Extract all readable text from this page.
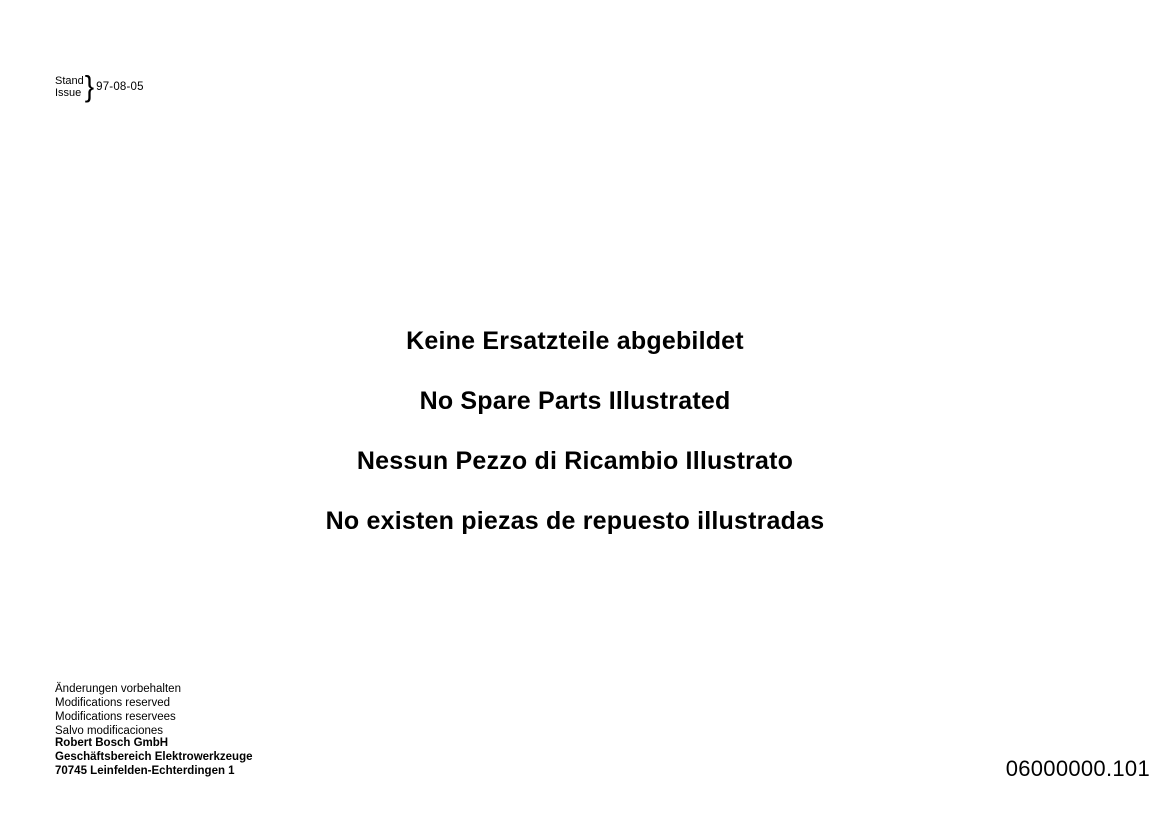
Stand
Issue } 97-08-05
Keine Ersatzteile abgebildet
No Spare Parts Illustrated
Nessun Pezzo di Ricambio Illustrato
No existen piezas de repuesto illustradas
Änderungen vorbehalten
Modifications reserved
Modifications reservees
Salvo modificaciones
Robert Bosch GmbH
Geschäftsbereich Elektrowerkzeuge
70745 Leinfelden-Echterdingen 1	06000000.101
